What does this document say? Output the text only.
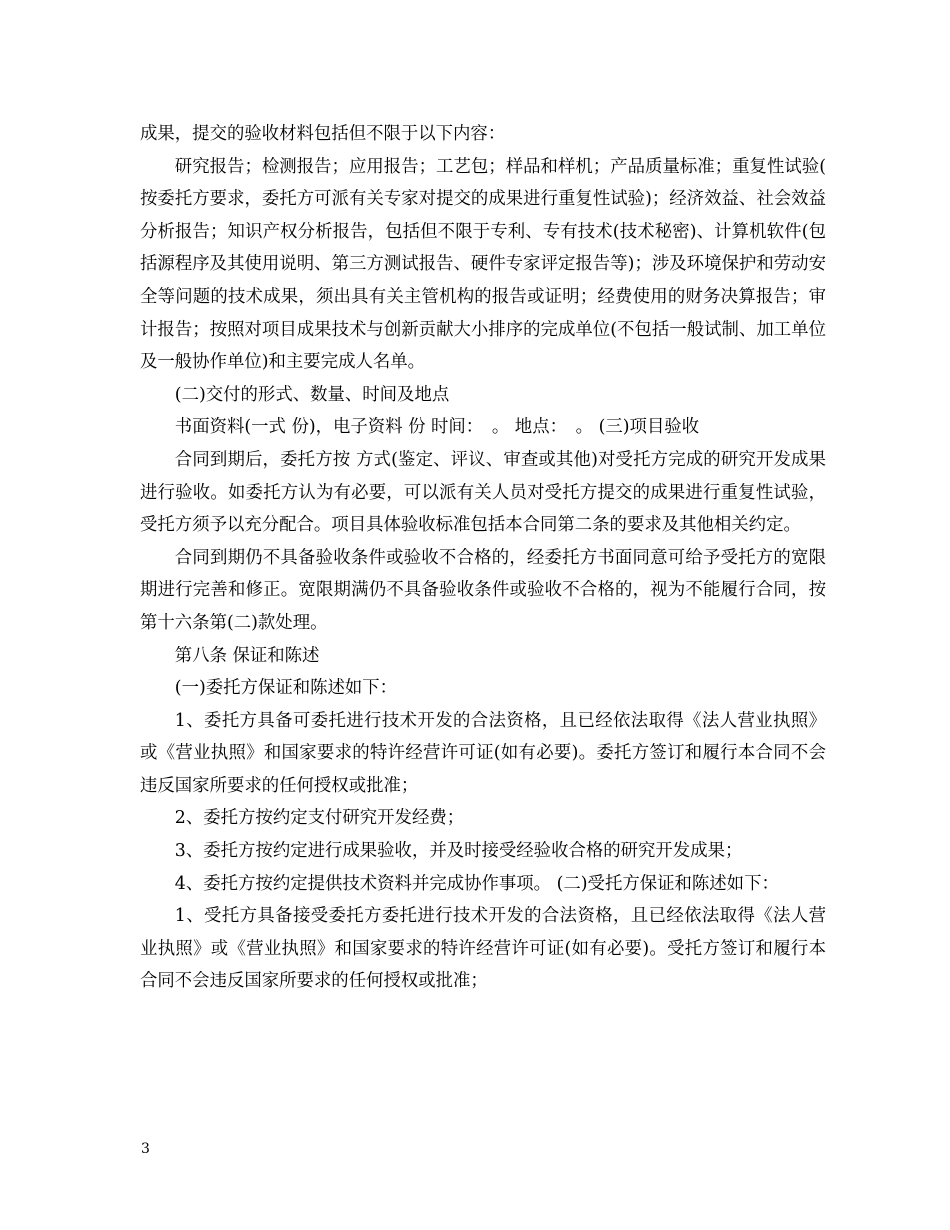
成果，提交的验收材料包括但不限于以下内容：

研究报告；检测报告；应用报告；工艺包；样品和样机；产品质量标准；重复性试验(按委托方要求，委托方可派有关专家对提交的成果进行重复性试验)；经济效益、社会效益分析报告；知识产权分析报告，包括但不限于专利、专有技术(技术秘密)、计算机软件(包括源程序及其使用说明、第三方测试报告、硬件专家评定报告等)；涉及环境保护和劳动安全等问题的技术成果，须出具有关主管机构的报告或证明；经费使用的财务决算报告；审计报告；按照对项目成果技术与创新贡献大小排序的完成单位(不包括一般试制、加工单位及一般协作单位)和主要完成人名单。

(二)交付的形式、数量、时间及地点

书面资料(一式 份)，电子资料 份 时间：　。 地点：　。 (三)项目验收

合同到期后，委托方按 方式(鉴定、评议、审查或其他)对受托方完成的研究开发成果进行验收。如委托方认为有必要，可以派有关人员对受托方提交的成果进行重复性试验，受托方须予以充分配合。项目具体验收标准包括本合同第二条的要求及其他相关约定。

合同到期仍不具备验收条件或验收不合格的，经委托方书面同意可给予受托方的宽限期进行完善和修正。宽限期满仍不具备验收条件或验收不合格的，视为不能履行合同，按第十六条第(二)款处理。

第八条 保证和陈述

(一)委托方保证和陈述如下：

1、委托方具备可委托进行技术开发的合法资格，且已经依法取得《法人营业执照》或《营业执照》和国家要求的特许经营许可证(如有必要)。委托方签订和履行本合同不会违反国家所要求的任何授权或批准；

2、委托方按约定支付研究开发经费；

3、委托方按约定进行成果验收，并及时接受经验收合格的研究开发成果；

4、委托方按约定提供技术资料并完成协作事项。 (二)受托方保证和陈述如下：

1、受托方具备接受委托方委托进行技术开发的合法资格，且已经依法取得《法人营业执照》或《营业执照》和国家要求的特许经营许可证(如有必要)。受托方签订和履行本合同不会违反国家所要求的任何授权或批准；

3
